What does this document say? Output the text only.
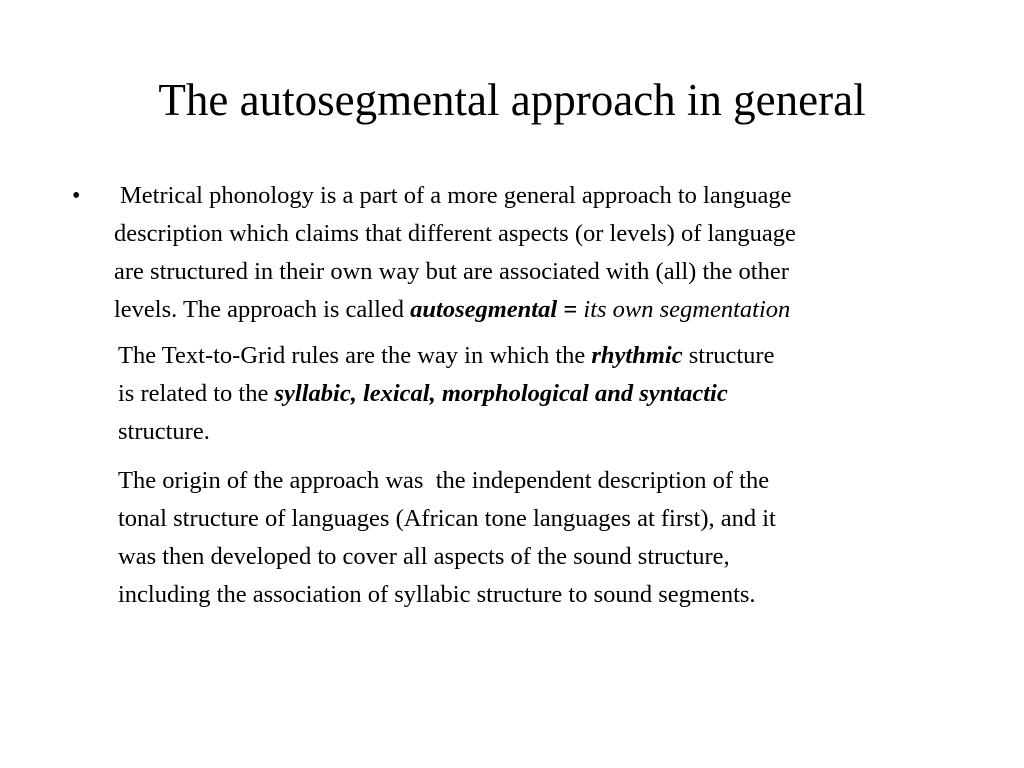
The autosegmental approach in general
• Metrical phonology is a part of a more general approach to language
description which claims that different aspects (or levels) of language
are structured in their own way but are associated with (all) the other
levels. The approach is called autosegmental = its own segmentation
The Text-to-Grid rules are the way in which the rhythmic structure
is related to the syllabic, lexical, morphological and syntactic
structure.
The origin of the approach was  the independent description of the
tonal structure of languages (African tone languages at first), and it
was then developed to cover all aspects of the sound structure,
including the association of syllabic structure to sound segments.
